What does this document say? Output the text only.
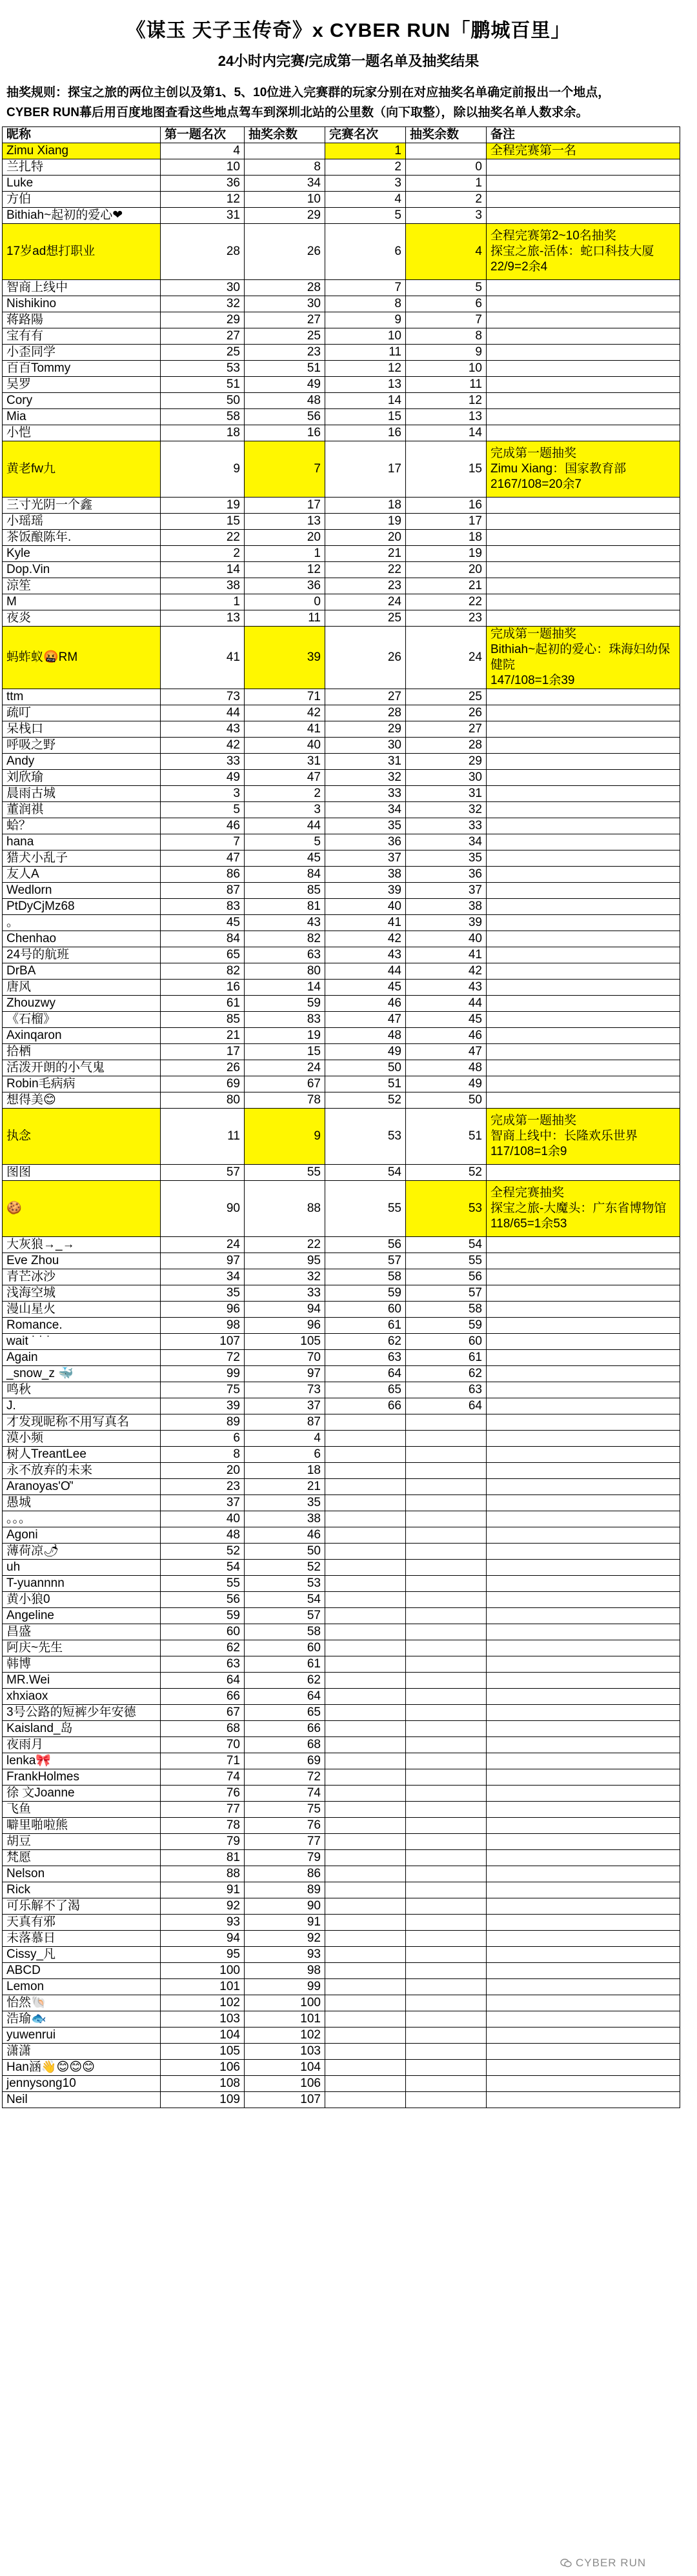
《谋玉 天子玉传奇》x CYBER RUN「鹏城百里」
24小时内完赛/完成第一题名单及抽奖结果
抽奖规则：探宝之旅的两位主创以及第1、5、10位进入完赛群的玩家分别在对应抽奖名单确定前报出一个地点，
CYBER RUN幕后用百度地图查看这些地点驾车到深圳北站的公里数（向下取整），除以抽奖名单人数求余。
昵称	第一题名次	抽奖余数	完赛名次	抽奖余数	备注
Zimu Xiang	4		1		全程完赛第一名

兰扎特	10	8	2	0	
Luke	36	34	3	1	
方伯	12	10	4	2	
Bithiah~起初的爱心❤	31	29	5	3	
17岁ad想打职业	28	26	6	4	全程完赛第2~10名抽奖
探宝之旅-活体：蛇口科技大厦
22/9=2余4

智商上线中	30	28	7	5	
Nishikino	32	30	8	6	
蒋路陽	29	27	9	7	
宝有有	27	25	10	8	
小歪同学	25	23	11	9	
百百Tommy	53	51	12	10	
吴罗	51	49	13	11	
Cory	50	48	14	12	
Mia	58	56	15	13	
小恺	18	16	16	14	
黄老fw九	9	7	17	15	完成第一题抽奖
Zimu Xiang：国家教育部
2167/108=20余7

三寸光阴一个鑫	19	17	18	16	
小瑶瑶	15	13	19	17	
茶饭酿陈年.	22	20	20	18	
Kyle	2	1	21	19	
Dop.Vin	14	12	22	20	
涼笙	38	36	23	21	
M	1	0	24	22	
夜炎	13	11	25	23	
蚂蚱蚁🤬RM	41	39	26	24	完成第一题抽奖
Bithiah~起初的爱心：珠海妇幼保健院
147/108=1余39

ttm	73	71	27	25	
疏叮	44	42	28	26	
呆栈口	43	41	29	27	
呼吸之野	42	40	30	28	
Andy	33	31	31	29	
刘欣瑜	49	47	32	30	
晨雨古城	3	2	33	31	
董润祺	5	3	34	32	
蛤？	46	44	35	33	
hana	7	5	36	34	
猎犬小乱子	47	45	37	35	
友人A	86	84	38	36	
Wedlorn	87	85	39	37	
PtDyCjMz68	83	81	40	38	
。	45	43	41	39	
Chenhao	84	82	42	40	
24号的航班	65	63	43	41	
DrBA	82	80	44	42	
唐风	16	14	45	43	
Zhouzwy	61	59	46	44	
《石榴》	85	83	47	45	
Axinqaron	21	19	48	46	
拾栖	17	15	49	47	
活泼开朗的小气鬼	26	24	50	48	
Robin毛病病	69	67	51	49	
想得美😊	80	78	52	50	
执念	11	9	53	51	完成第一题抽奖
智商上线中：长隆欢乐世界
117/108=1余9

图图	57	55	54	52	
🍪	90	88	55	53	全程完赛抽奖
探宝之旅-大魔头：广东省博物馆
118/65=1余53

大灰狼→_→	24	22	56	54	
Eve Zhou	97	95	57	55	
青芒冰沙	34	32	58	56	
浅海空城	35	33	59	57	
漫山星火	96	94	60	58	
Romance.	98	96	61	59	
wait ˙ ˙ ˙	107	105	62	60	
Again	72	70	63	61	
_snow_z 🐳	99	97	64	62	
鸣秋	75	73	65	63	
J.	39	37	66	64	
才发现昵称不用写真名	89	87			
漠小频	6	4			
树人TreantLee	8	6			
永不放弃的未来	20	18			
Aranoyas'Ơ'	23	21			
愚城	37	35			
。。。	40	38			
Agoni	48	46			
薄荷凉🌶	52	50			
uh	54	52			
T-yuannnn	55	53			
黄小狼0	56	54			
Angeline	59	57			
昌盛	60	58			
阿庆~先生	62	60			
韩博	63	61			
MR.Wei	64	62			
xhxiaox	66	64			
3号公路的短裤少年安德	67	65			
Kaisland_岛	68	66			
夜雨月	70	68			
lenka🎀	71	69			
FrankHolmes	74	72			
徐 文Joanne	76	74			
飞鱼	77	75			
噼里啪啦熊	78	76			
胡豆	79	77			
梵愿	81	79			
Nelson	88	86			
Rick	91	89			
可乐解不了渴	92	90			
天真有邪	93	91			
未落慕日	94	92			
Cissy_凡	95	93			
ABCD	100	98			
Lemon	101	99			
怡然🐚	102	100			
浩瑜🐟	103	101			
yuwenrui	104	102			
潇潇	105	103			
Han涵👋😊😊😊	106	104			
jennysong10	108	106			
Neil	109	107			
CYBER RUN
